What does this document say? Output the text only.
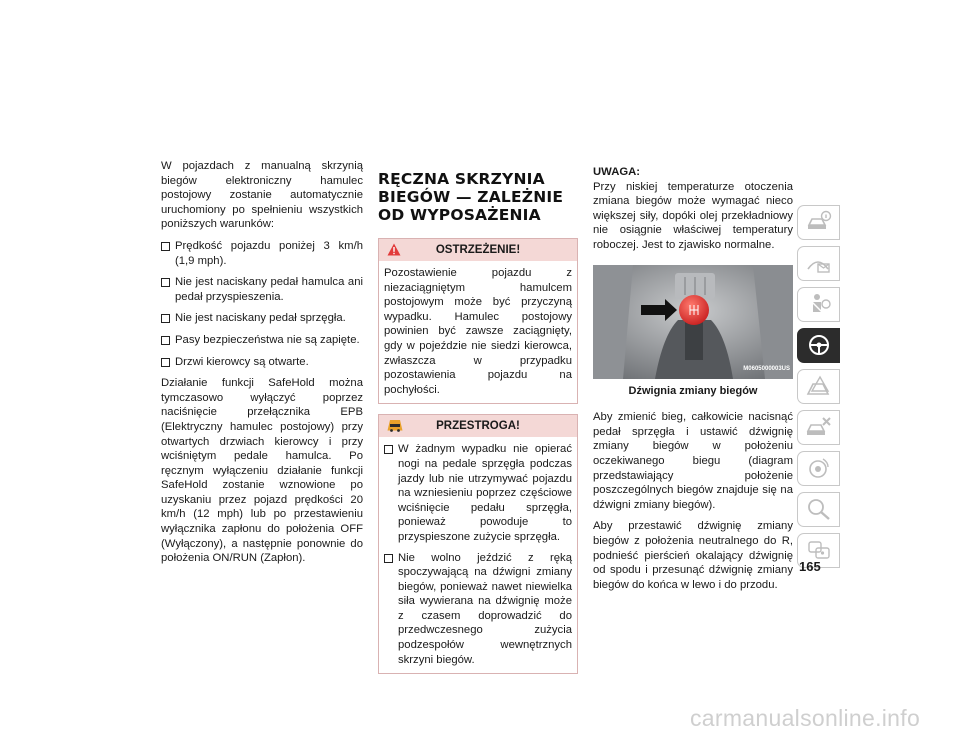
W pojazdach z manualną skrzynią biegów elektroniczny hamulec postojowy zostanie automatycznie uruchomiony po spełnieniu wszystkich poniższych warunków:

Prędkość pojazdu poniżej 3 km/h (1,9 mph).
Nie jest naciskany pedał hamulca ani pedał przyspieszenia.
Nie jest naciskany pedał sprzęgła.
Pasy bezpieczeństwa nie są zapięte.
Drzwi kierowcy są otwarte.

Działanie funkcji SafeHold można tymczasowo wyłączyć poprzez naciśnięcie przełącznika EPB (Elektryczny hamulec postojowy) przy otwartych drzwiach kierowcy i przy wciśniętym pedale hamulca. Po ręcznym wyłączeniu działanie funkcji SafeHold zostanie wznowione po uzyskaniu przez pojazd prędkości 20 km/h (12 mph) lub po przestawieniu wyłącznika zapłonu do położenia OFF (Wyłączony), a następnie ponownie do położenia ON/RUN (Zapłon).

RĘCZNA SKRZYNIA BIEGÓW — ZALEŻNIE OD WYPOSAŻENIA
OSTRZEŻENIE!

Pozostawienie pojazdu z niezaciągniętym hamulcem postojowym może być przyczyną wypadku. Hamulec postojowy powinien być zawsze zaciągnięty, gdy w pojeździe nie siedzi kierowca, zwłaszcza w przypadku pozostawienia pojazdu na pochyłości.

PRZESTROGA!
W żadnym wypadku nie opierać nogi na pedale sprzęgła podczas jazdy lub nie utrzymywać pojazdu na wzniesieniu poprzez częściowe wciśnięcie pedału sprzęgła, ponieważ powoduje to przyspieszone zużycie sprzęgła.
Nie wolno jeździć z ręką spoczywającą na dźwigni zmiany biegów, ponieważ nawet niewielka siła wywierana na dźwignię może z czasem doprowadzić do przedwczesnego zużycia podzespołów wewnętrznych skrzyni biegów.

UWAGA:

Przy niskiej temperaturze otoczenia zmiana biegów może wymagać nieco większej siły, dopóki olej przekładniowy nie osiągnie właściwej temperatury roboczej. Jest to zjawisko normalne.

M0605000003US

Dźwignia zmiany biegów

Aby zmienić bieg, całkowicie nacisnąć pedał sprzęgła i ustawić dźwignię zmiany biegów w położeniu oczekiwanego biegu (diagram przedstawiający położenie poszczególnych biegów znajduje się na dźwigni zmiany biegów).

Aby przestawić dźwignię zmiany biegów z położenia neutralnego do R, podnieść pierścień okalający dźwignię od spodu i przesunąć dźwignię zmiany biegów do końca w lewo i do przodu.

165
carmanualsonline.info
